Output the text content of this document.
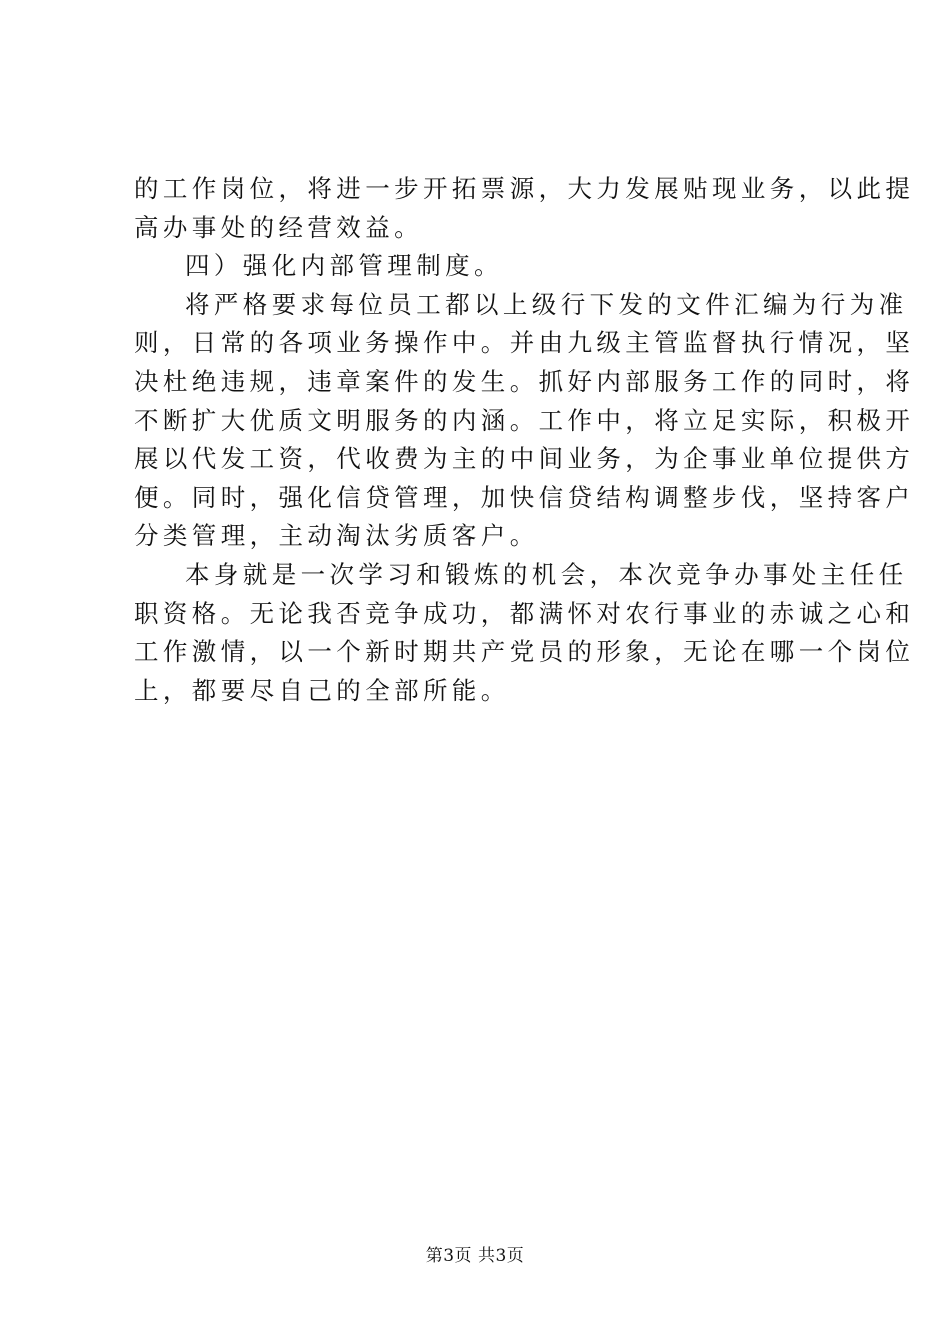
的工作岗位，将进一步开拓票源，大力发展贴现业务，以此提
高办事处的经营效益。

四）强化内部管理制度。

将严格要求每位员工都以上级行下发的文件汇编为行为准
则，日常的各项业务操作中。并由九级主管监督执行情况，坚
决杜绝违规，违章案件的发生。抓好内部服务工作的同时，将
不断扩大优质文明服务的内涵。工作中，将立足实际，积极开
展以代发工资，代收费为主的中间业务，为企事业单位提供方
便。同时，强化信贷管理，加快信贷结构调整步伐，坚持客户
分类管理，主动淘汰劣质客户。

本身就是一次学习和锻炼的机会，本次竞争办事处主任任
职资格。无论我否竞争成功，都满怀对农行事业的赤诚之心和
工作激情，以一个新时期共产党员的形象，无论在哪一个岗位
上，都要尽自己的全部所能。

第3页 共3页
